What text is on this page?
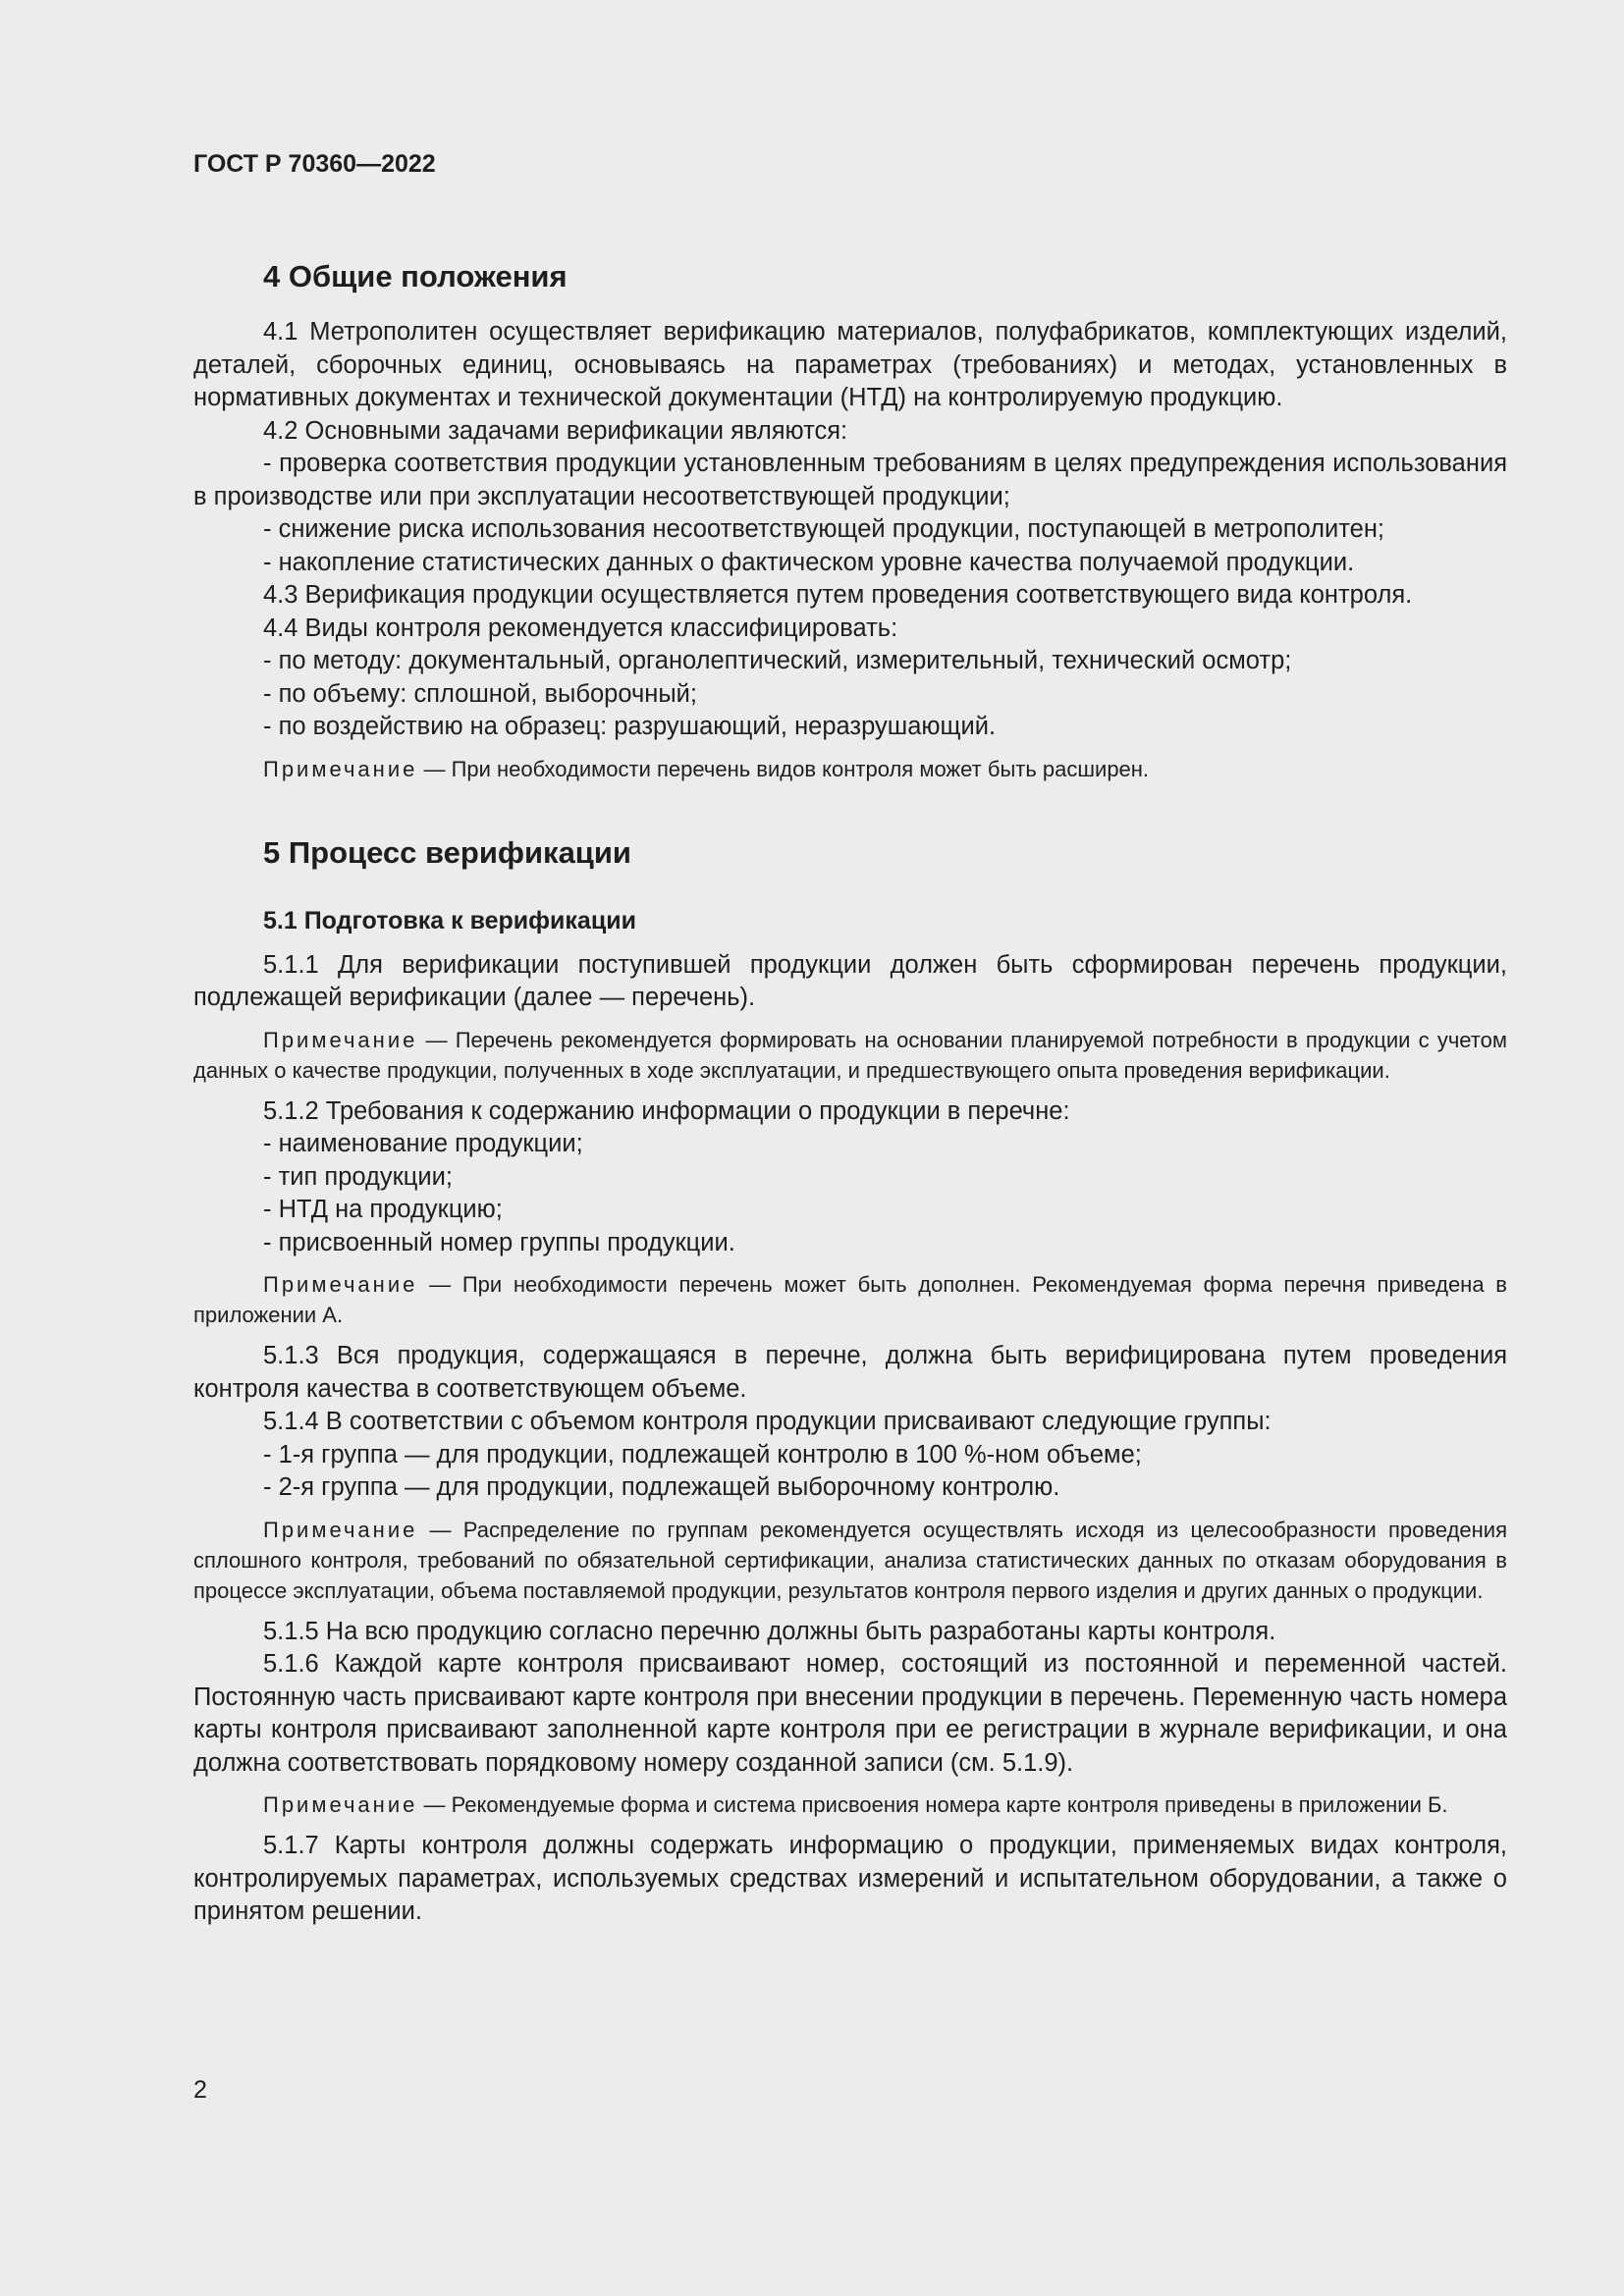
ГОСТ Р 70360—2022
4 Общие положения

4.1 Метрополитен осуществляет верификацию материалов, полуфабрикатов, комплектующих изделий, деталей, сборочных единиц, основываясь на параметрах (требованиях) и методах, установленных в нормативных документах и технической документации (НТД) на контролируемую продукцию.

4.2 Основными задачами верификации являются:

- проверка соответствия продукции установленным требованиям в целях предупреждения использования в производстве или при эксплуатации несоответствующей продукции;

- снижение риска использования несоответствующей продукции, поступающей в метрополитен;

- накопление статистических данных о фактическом уровне качества получаемой продукции.

4.3 Верификация продукции осуществляется путем проведения соответствующего вида контроля.

4.4 Виды контроля рекомендуется классифицировать:

- по методу: документальный, органолептический, измерительный, технический осмотр;

- по объему: сплошной, выборочный;

- по воздействию на образец: разрушающий, неразрушающий.

Примечание — При необходимости перечень видов контроля может быть расширен.

5 Процесс верификации
5.1 Подготовка к верификации

5.1.1 Для верификации поступившей продукции должен быть сформирован перечень продукции, подлежащей верификации (далее — перечень).

Примечание — Перечень рекомендуется формировать на основании планируемой потребности в продукции с учетом данных о качестве продукции, полученных в ходе эксплуатации, и предшествующего опыта проведения верификации.

5.1.2 Требования к содержанию информации о продукции в перечне:

- наименование продукции;

- тип продукции;

- НТД на продукцию;

- присвоенный номер группы продукции.

Примечание — При необходимости перечень может быть дополнен. Рекомендуемая форма перечня приведена в приложении А.

5.1.3 Вся продукция, содержащаяся в перечне, должна быть верифицирована путем проведения контроля качества в соответствующем объеме.

5.1.4 В соответствии с объемом контроля продукции присваивают следующие группы:

- 1-я группа — для продукции, подлежащей контролю в 100 %-ном объеме;

- 2-я группа — для продукции, подлежащей выборочному контролю.

Примечание — Распределение по группам рекомендуется осуществлять исходя из целесообразности проведения сплошного контроля, требований по обязательной сертификации, анализа статистических данных по отказам оборудования в процессе эксплуатации, объема поставляемой продукции, результатов контроля первого изделия и других данных о продукции.

5.1.5 На всю продукцию согласно перечню должны быть разработаны карты контроля.

5.1.6 Каждой карте контроля присваивают номер, состоящий из постоянной и переменной частей. Постоянную часть присваивают карте контроля при внесении продукции в перечень. Переменную часть номера карты контроля присваивают заполненной карте контроля при ее регистрации в журнале верификации, и она должна соответствовать порядковому номеру созданной записи (см. 5.1.9).

Примечание — Рекомендуемые форма и система присвоения номера карте контроля приведены в приложении Б.

5.1.7 Карты контроля должны содержать информацию о продукции, применяемых видах контроля, контролируемых параметрах, используемых средствах измерений и испытательном оборудовании, а также о принятом решении.

2
